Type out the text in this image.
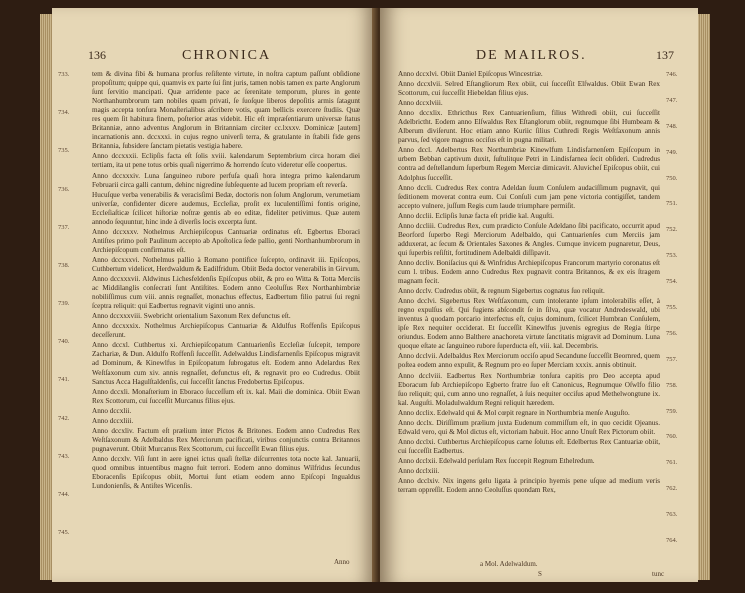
136	CHRONICA
733.
734.
735.
736.
737.
738.
739.
740.
741.
742.
743.
744.
745.

tem & divina fibi & humana prorſus reſiſtente virtute, in noſtra captum paſſunt obſidione propoſitum; quippe qui, quamvis ex parte ſui ſint juris, tamen nobis tamen ex parte Anglorum ſunt ſervitio mancipati. Quæ arridente pace ac ſerenitate temporum, plures in gente Northanhumbrorum tam nobiles quam privati, ſe ſuoſque liberos depoſitis armis ſatagunt magis accepta tonſura Monaſterialibus aſcribere votis, quam bellicis exercere ſtudiis. Quæ res quem ſit habitura finem, poſterior ætas videbit. Hic eſt impræſentiarum universæ ſtatus Britanniæ, anno adventus Anglorum in Britanniam circiter cc.lxxxv. Dominicæ [autem] incarnationis ann. dccxxxi. in cujus regno univerſi terra, & gratulante in ſtabili fide gens Britannia, ſubsidere ſanctam pietatis vestigia habere.

Anno dccxxxii. Eclipſis facta eſt ſolis xviii. kalendarum Septembrium circa horam diei tertiam, ita ut pene totus orbis quaſi nigerrimo & horrendo ſcuto videretur eſſe coopertus.

Anno dccxxxiv. Luna ſanguineo rubore perfuſa quaſi hora integra primo kalendarum Februarii circa galli cantum, dehinc nigredine ſubſequente ad lucem propriam eſt reverſa.

Hucuſque verba venerabilis & veracisſimi Bedæ, doctoris non ſolum Anglorum, verumetiam univerſæ, confidenter dicere audemus, Eccleſiæ, proſit ex luculentiſſimi fontis origine, Eccleſiaſticæ ſcilicet hiſtoriæ noſtræ gentis ab eo editæ, fideliter petivimus. Quæ autem annodo ſequuntur, hinc inde à diverſis locis excerpta ſunt.

Anno dccxxxv. Nothelmus Archiepiſcopus Cantuariæ ordinatus eſt. Egbertus Eboraci Antiſtes primo poſt Paulinum accepto ab Apoſtolica ſede pallio, genti Northanhumbrorum in Archiepiſcopum confirmatus eſt.

Anno dccxxxvi. Nothelmus pallio à Romano pontifice ſuſcepto, ordinavit iii. Epiſcopos, Cuthbertum videlicet, Herdwaldum & Eadilfridum. Obiit Beda doctor venerabilis in Girvum.

Anno dccxxxvii. Aldwinus Lichesfeldenſis Epiſcopus obiit, & pro eo Witta & Totta Merciis ac Middilanglis conſecrati ſunt Antiſtites. Eodem anno Ceoluſſus Rex Northanhimbriæ nobiliſſimus cum viii. annis regnaſſet, monachus effectus, Eadbertum filio patrui ſui regni ſceptra reliquit: qui Eadbertus regnavit viginti uno annis.

Anno dccxxxviii. Swebricht orientalium Saxonum Rex defunctus eſt.

Anno dccxxxix. Nothelmus Archiepiſcopus Cantuariæ & Aldulfus Roffenſis Epiſcopus deceſſerunt.

Anno dccxl. Cuthbertus xi. Archiepiſcopatum Cantuarienſis Eccleſiæ ſuſcepit, tempore Zachariæ, & Dun. Aldulfo Roffenſi ſucceſſit. Adelwaldus Lindisfarnenſis Epiſcopus migravit ad Dominum, & Kinewlfus in Epiſcopatum ſubrogatus eſt. Eodem anno Adelardus Rex Weſtſaxonum cum xiv. annis regnaſſet, defunctus eſt, & regnavit pro eo Cudredus. Obiit Sanctus Acca Hagulſtaldenſis, cui ſucceſſit ſanctus Fredobertus Epiſcopus.

Anno dccxli. Monaſterium in Eboraco ſucceſſum eſt ix. kal. Maii die dominica. Obiit Ewan Rex Scottorum, cui ſucceſſit Murcanus filius ejus.

Anno dccxlii.

Anno dccxliii.

Anno dccxliv. Factum eſt prælium inter Pictos & Britones. Eodem anno Cudredus Rex Weſtſaxonum & Adelbaldus Rex Merciorum pacificati, viribus conjunctis contra Britannos pugnaverunt. Obiit Murcanus Rex Scottorum, cui ſucceſſit Ewan filius ejus.

Anno dccxlv. Viſi ſunt in aere ignei ictus quaſi ſtellæ diſcurrentes tota nocte kal. Januarii, quod omnibus intuentibus magno fuit terrori. Eodem anno dominus Wilfridus ſecundus Eboracenſis Epiſcopus obiit, Mortui ſunt etiam eodem anno Epiſcopi Ingualdus Lundonienſis, & Antiſtes Wicenſis.

Anno
DE MAILROS.	137

Anno dccxlvi. Obiit Daniel Epiſcopus Wincestriæ.

Anno dccxlvii. Selred Eſtangliorum Rex obiit, cui ſucceſſit Elſwaldus. Obiit Ewan Rex Scottorum, cui ſucceſſit Hiebeldan filius ejus.

Anno dccxlviii.

Anno dccxlix. Ethricthus Rex Cantuarienſium, filius Withredi obiit, cui ſucceſſit Adelbrictht. Eodem anno Elſwaldus Rex Eſtanglorum obiit, regnumque ſibi Humbeam & Alberum diviſerunt. Hoc etiam anno Kuriic ſilius Cuthredi Regis Weſtſaxonum annis parvus, ſed vigore magnus occiſus eſt in pugna militari.

Anno dccl. Adelbertus Rex Northumbriæ Kinewlfum Lindisfarnenſem Epiſcopum in urbem Bebban captivum duxit, ſuſtulitque Petri in Lindisfarnea ſecit obſideri. Cudredus contra ad deſtellandum ſuperbum Regem Merciæ dimicavit. Aluvicheſ Epiſcopus obiit, cui Adolphus ſucceſſit.

Anno dccli. Cudredus Rex contra Adeldan ſuum Conſulem audaciſſimum pugnavit, qui ſeditionem moverat contra eum. Cui Conſuli cum jam pene victoria contigiſſet, tandem accepto vulnere, juſſum Regis cum laude triumphare permiſit.

Anno dcclii. Eclipſis lunæ facta eſt pridie kal. Auguſti.

Anno dccliii. Cudredus Rex, cum prædicto Conſule Adeldano ſibi pacificato, occurrit apud Beorford ſuperbo Regi Merciorum Adelbaldo, qui Cantuarienſes cum Merciis jam adduxerat, ac ſecum & Orientales Saxones & Angles. Cumque invicem pugnaretur, Deus, qui ſuperbis reſiſtit, fortitudinem Adelbaldi diſſipavit.

Anno dccliv. Boniſacius qui & Winfridus Archiepiſcopus Francorum martyrio coronatus eſt cum l. tribus. Eodem anno Cudredus Rex pugnavit contra Britannos, & ex eis ſtragem magnam fecit.

Anno dcclv. Cudredus obiit, & regnum Sigebertus cognatus ſuo reliquit.

Anno dcclvi. Sigebertus Rex Weſtſaxonum, cum intolerante ipſum intolerabilis eſſet, à regno expulſus eſt. Qui fugiens abſcondit ſe in ſilva, quæ vocatur Andredeswald, ubi inventus à quodam porcario interfectus eſt, cujus dominum, ſcilicet Humbran Conſulem, ipſe Rex nequiter occiderat. Et ſucceſſit Kinewlfus juvenis egregius de Regia ſtirpe oriundus. Eodem anno Balthere anachoreta virtute ſanctitatis migravit ad Dominum. Luna quoque eſtate ac ſanguineo rubore ſuperducta eſt, viii. kal. Decembris.

Anno dcclvii. Adelbaldus Rex Merciorum occiſo apud Secandune ſucceſſit Beornred, quem poſtea eodem anno expulit, & Regnum pro eo ſuper Merciam xxxix. annis obtinuit.

Anno dcclviii. Eadbertus Rex Northumbriæ tonſura capitis pro Deo accepta apud Eboracum ſub Archiepiſcopo Egberto fratre ſuo eſt Canonicus, Regnumque Oſwlfo filio ſuo reliquit; qui, cum anno uno regnaſſet, à ſuis nequiter occiſus apud Methelwongtune ix. kal. Auguſti. Moladulwaldum Regni reliquit hæredem.

Anno dcclix. Edelwald qui & Mol cœpit regnare in Northumbria menſe Auguſto.

Anno dcclx. Diriſſimum prælium juxta Eudenum commiſſum eſt, in quo cecidit Ojeanus. Edwald vero, qui & Mol dictus eſt, victoriam habuit. Hoc anno Unuſt Rex Pictorum obiit.

Anno dcclxi. Cuthbertus Archiepiſcopus carne ſolutus eſt. Edelbertus Rex Cantuariæ obiit, cui ſucceſſit Eadbertus.

Anno dcclxii. Edelwald perſulam Rex ſuccepit Regnum Ethelredum.

Anno dcclxiii.

Anno dcclxiv. Nix ingens gelu ligata à principio hyemis pene uſque ad medium veris terram oppreſſit. Eodem anno Ceoluſſus quondam Rex,

746.
747.
748.
749.
750.
751.
752.
753.
754.
755.
756.
757.
758.
759.
760.
761.
762.
763.
764.
a Mol. Adelwaldum.
S	tunc
